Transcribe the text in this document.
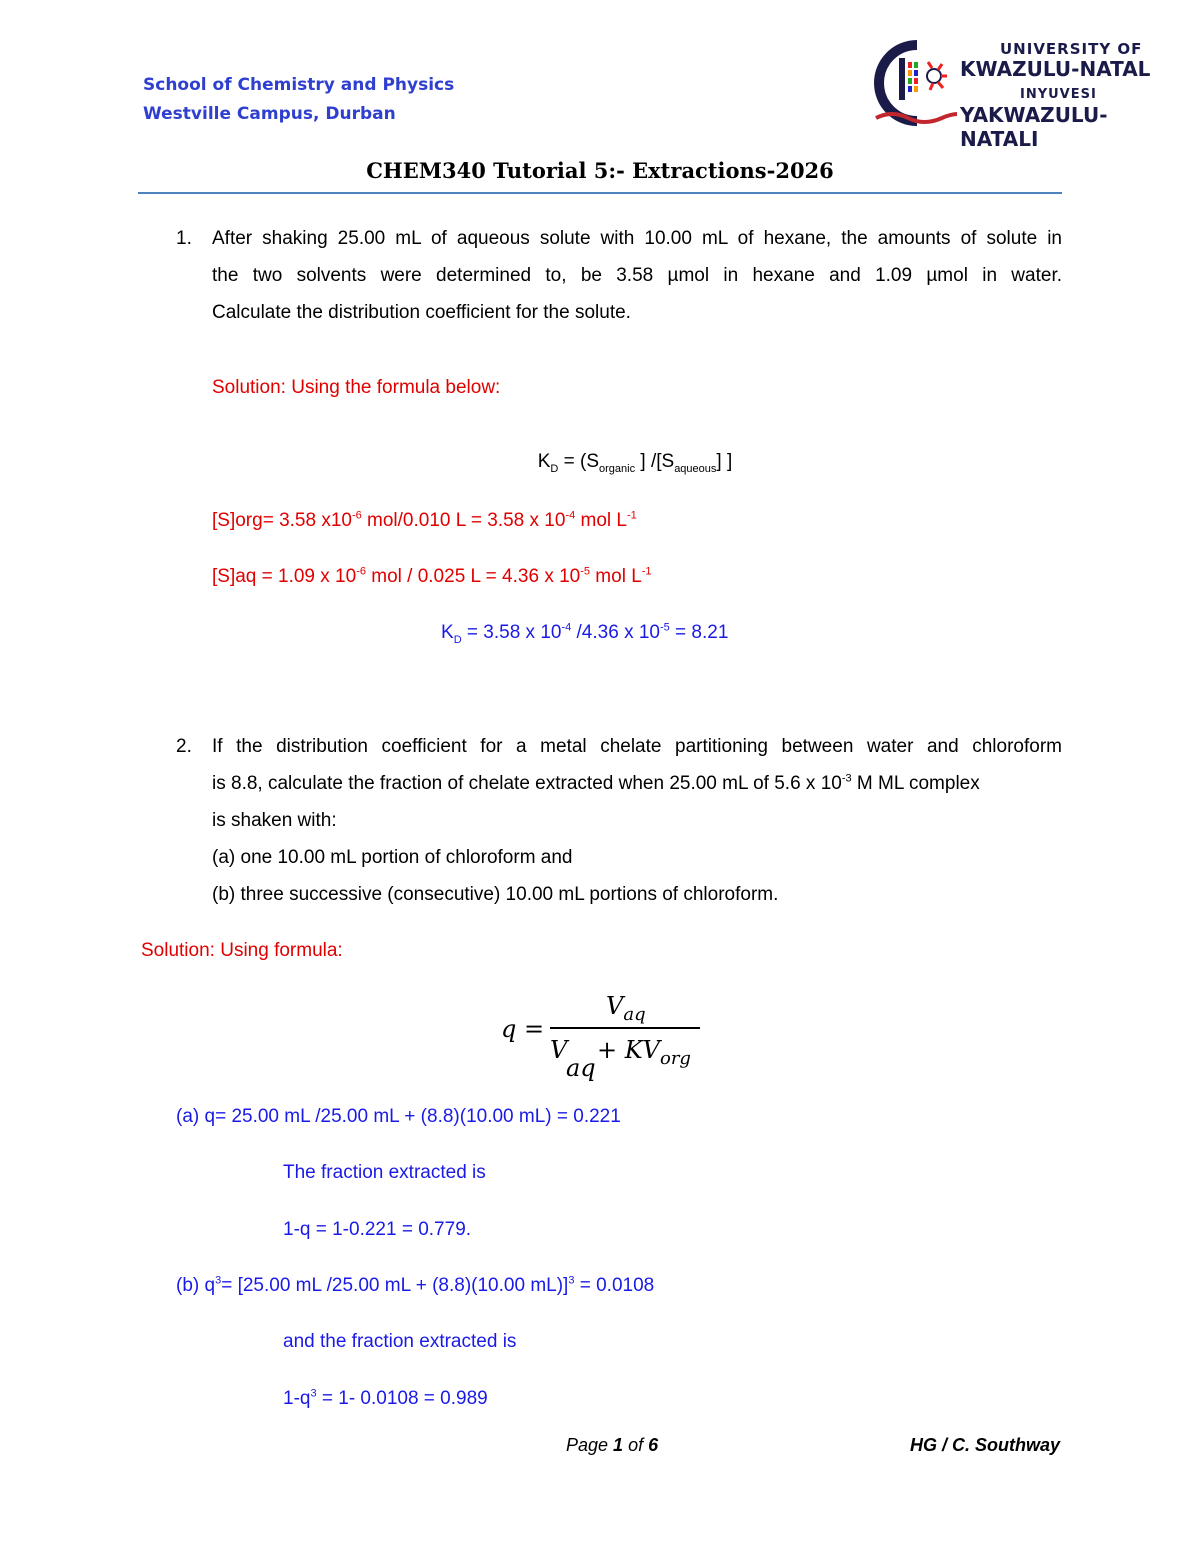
School of Chemistry and Physics
Westville Campus, Durban
UNIVERSITY OF
KWAZULU-NATAL
INYUVESI
YAKWAZULU-NATALI
CHEM340 Tutorial 5:- Extractions-2026
1. After shaking 25.00 mL of aqueous solute with 10.00 mL of hexane, the amounts of solute in
the two solvents were determined to, be 3.58 µmol in hexane and 1.09 µmol in water.
Calculate the distribution coefficient for the solute.
Solution: Using the formula below:
$K_D = (S_{organic}$ ] $/[S_{aqueous}]$ ]
[S]org= 3.58 $x10^{-6}$ mol/0.010 L = 3.58 x $10^{-4}$ mol $L^{-1}$
[S]aq = 1.09 x $10^{-6}$ mol / 0.025 L = 4.36 x $10^{-5}$ mol $L^{-1}$
$K_D = 3.58$ x $10^{-4}$ /4.36 x $10^{-5} = 8.21$
2. If the distribution coefficient for a metal chelate partitioning between water and chloroform
is 8.8, calculate the fraction of chelate extracted when 25.00 mL of 5.6 x $10^{-3}$ M ML complex
is shaken with:
(a) one 10.00 mL portion of chloroform and
(b) three successive (consecutive) 10.00 mL portions of chloroform.
Solution: Using formula:
q =
$V_{aq}$
V
aq
+ $KV_{org}$
(a) q= 25.00 mL /25.00 mL + (8.8)(10.00 mL) = 0.221
The fraction extracted is
1-q = 1-0.221 = 0.779.
(b) $q^3= [25.00$ mL /25.00 mL + (8.8)(10.00 mL)]$^3$ = 0.0108
and the fraction extracted is
$1-q^3 = 1-$ 0.0108 = 0.989
Page 1 of 6	HG / C. Southway
